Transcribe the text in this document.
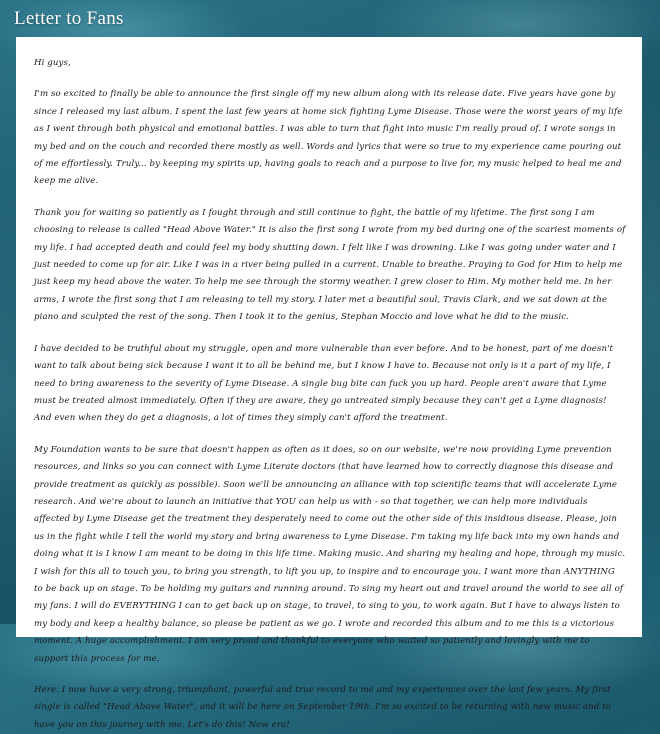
Letter to Fans

Hi guys,

I'm so excited to finally be able to announce the first single off my new album along with its release date. Five years have gone by since I released my last album. I spent the last few years at home sick fighting Lyme Disease. Those were the worst years of my life as I went through both physical and emotional battles. I was able to turn that fight into music I'm really proud of. I wrote songs in my bed and on the couch and recorded there mostly as well. Words and lyrics that were so true to my experience came pouring out of me effortlessly. Truly... by keeping my spirits up, having goals to reach and a purpose to live for, my music helped to heal me and keep me alive.

Thank you for waiting so patiently as I fought through and still continue to fight, the battle of my lifetime. The first song I am choosing to release is called "Head Above Water." It is also the first song I wrote from my bed during one of the scariest moments of my life. I had accepted death and could feel my body shutting down. I felt like I was drowning. Like I was going under water and I just needed to come up for air. Like I was in a river being pulled in a current. Unable to breathe. Praying to God for Him to help me just keep my head above the water. To help me see through the stormy weather. I grew closer to Him. My mother held me. In her arms, I wrote the first song that I am releasing to tell my story. I later met a beautiful soul, Travis Clark, and we sat down at the piano and sculpted the rest of the song. Then I took it to the genius, Stephan Moccio and love what he did to the music.

I have decided to be truthful about my struggle, open and more vulnerable than ever before. And to be honest, part of me doesn't want to talk about being sick because I want it to all be behind me, but I know I have to. Because not only is it a part of my life, I need to bring awareness to the severity of Lyme Disease. A single bug bite can fuck you up hard. People aren't aware that Lyme must be treated almost immediately. Often if they are aware, they go untreated simply because they can't get a Lyme diagnosis! And even when they do get a diagnosis, a lot of times they simply can't afford the treatment.

My Foundation wants to be sure that doesn't happen as often as it does, so on our website, we're now providing Lyme prevention resources, and links so you can connect with Lyme Literate doctors (that have learned how to correctly diagnose this disease and provide treatment as quickly as possible). Soon we'll be announcing an alliance with top scientific teams that will accelerate Lyme research. And we're about to launch an initiative that YOU can help us with - so that together, we can help more individuals affected by Lyme Disease get the treatment they desperately need to come out the other side of this insidious disease. Please, join us in the fight while I tell the world my story and bring awareness to Lyme Disease. I'm taking my life back into my own hands and doing what it is I know I am meant to be doing in this life time. Making music. And sharing my healing and hope, through my music. I wish for this all to touch you, to bring you strength, to lift you up, to inspire and to encourage you. I want more than ANYTHING to be back up on stage. To be holding my guitars and running around. To sing my heart out and travel around the world to see all of my fans. I will do EVERYTHING I can to get back up on stage, to travel, to sing to you, to work again. But I have to always listen to my body and keep a healthy balance, so please be patient as we go. I wrote and recorded this album and to me this is a victorious moment. A huge accomplishment. I am very proud and thankful to everyone who waited so patiently and lovingly with me to support this process for me.

Here. I now have a very strong, triumphant, powerful and true record to me and my experiences over the last few years. My first single is called "Head Above Water", and it will be here on September 19th. I'm so excited to be returning with new music and to have you on this journey with me. Let's do this! New era!
